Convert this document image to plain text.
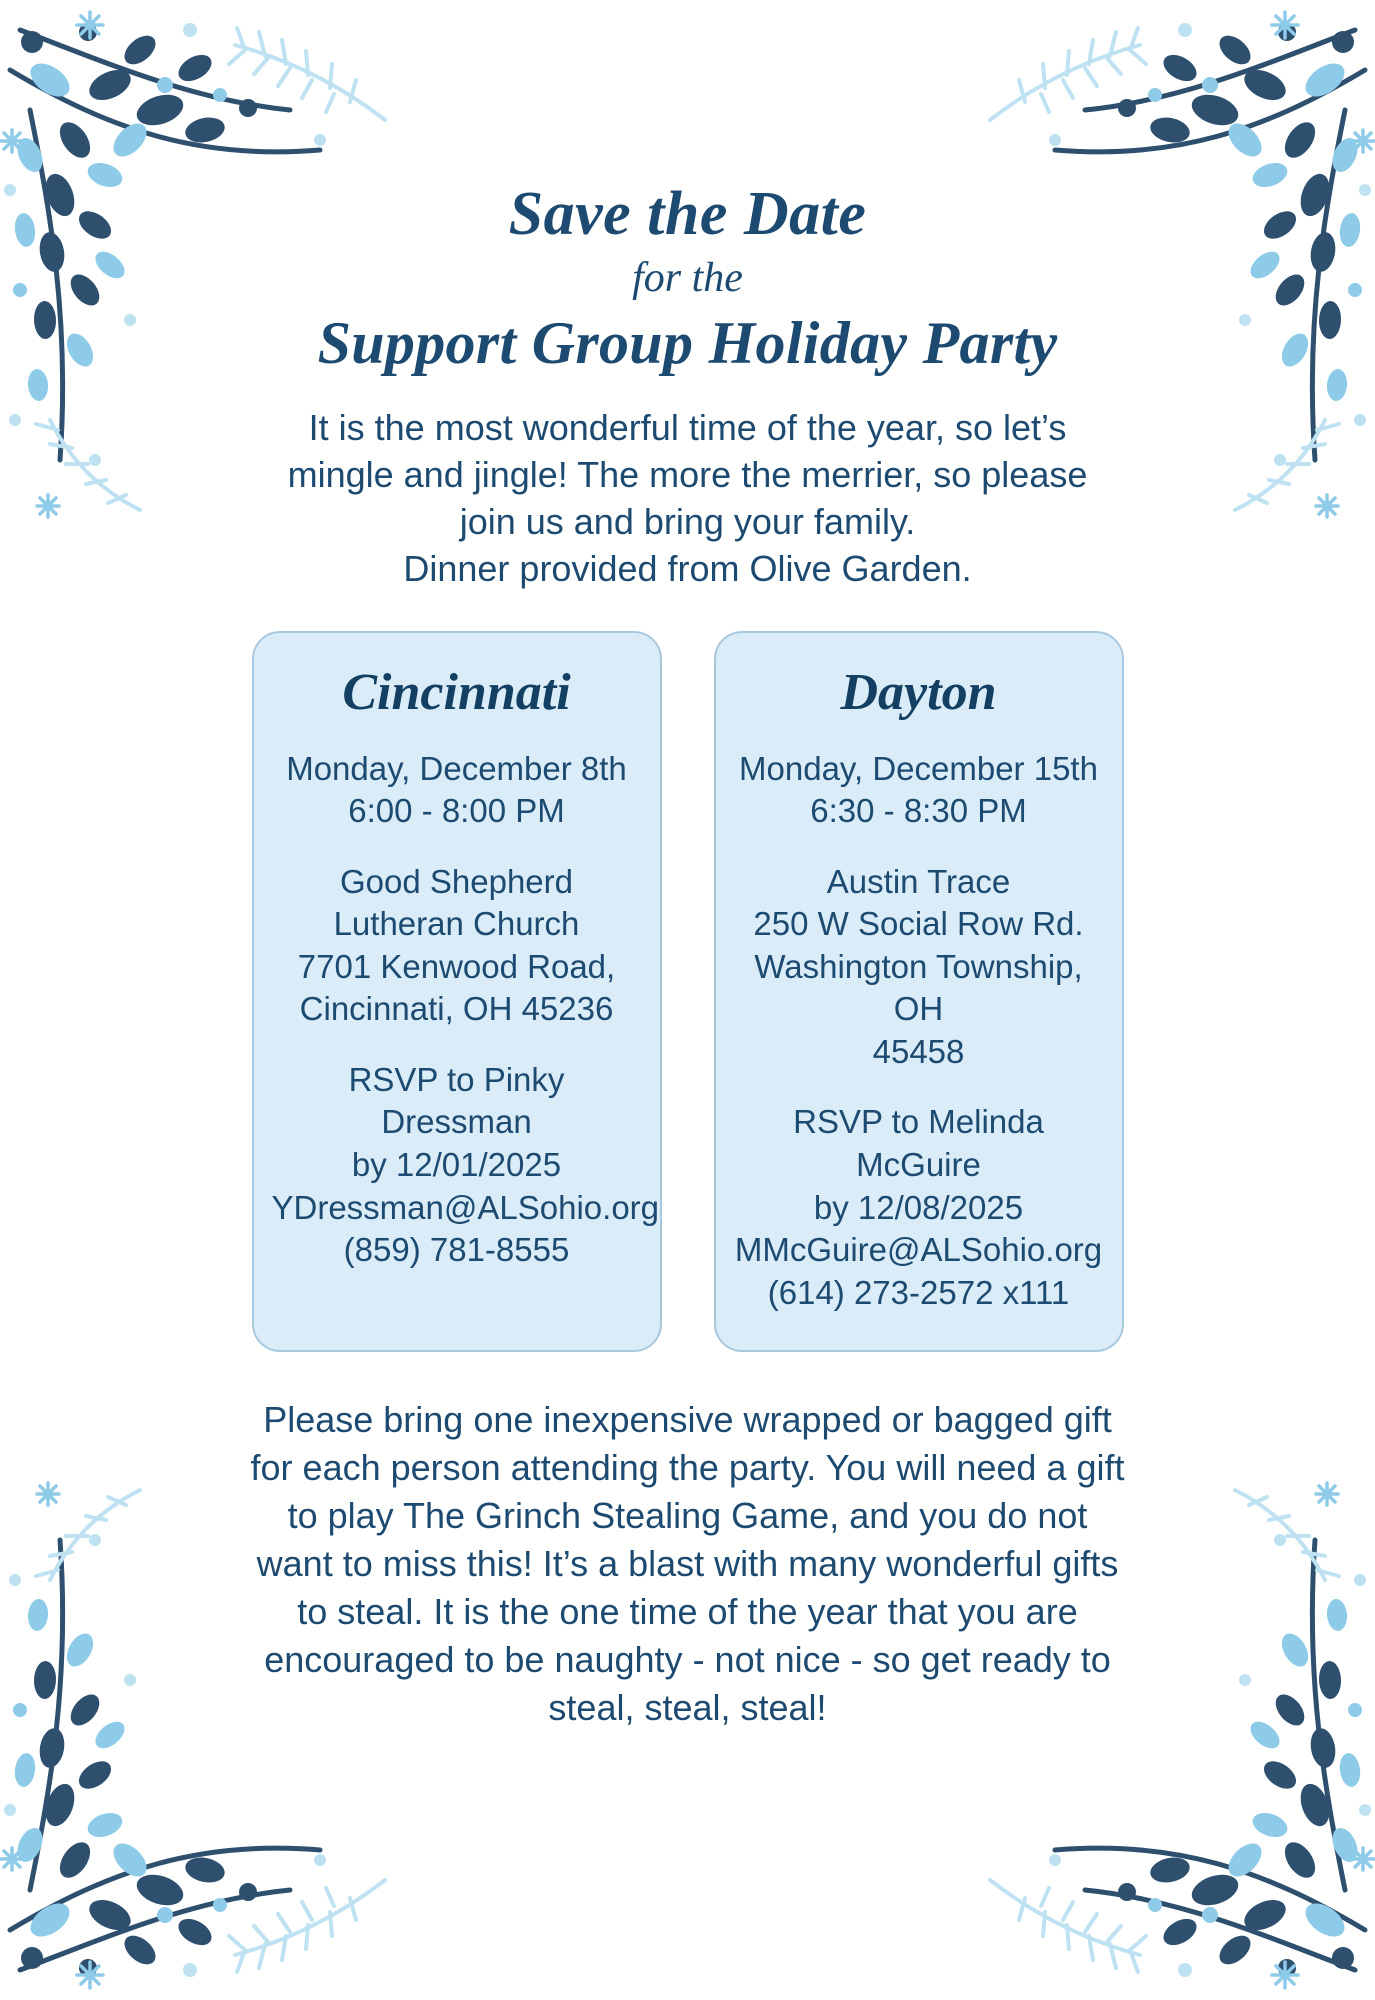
Save the Date
for the
Support Group Holiday Party
It is the most wonderful time of the year, so let’s
mingle and jingle! The more the merrier, so please
join us and bring your family.
Dinner provided from Olive Garden.
Cincinnati
Monday, December 8th
6:00 - 8:00 PM
Good Shepherd
Lutheran Church
7701 Kenwood Road,
Cincinnati, OH 45236
RSVP to Pinky Dressman
by 12/01/2025
YDressman@ALSohio.org
(859) 781-8555
Dayton
Monday, December 15th
6:30 - 8:30 PM
Austin Trace
250 W Social Row Rd.
Washington Township, OH
45458
RSVP to Melinda McGuire
by 12/08/2025
MMcGuire@ALSohio.org
(614) 273-2572 x111
Please bring one inexpensive wrapped or bagged gift
for each person attending the party. You will need a gift
to play The Grinch Stealing Game, and you do not
want to miss this! It’s a blast with many wonderful gifts
to steal. It is the one time of the year that you are
encouraged to be naughty - not nice - so get ready to
steal, steal, steal!
